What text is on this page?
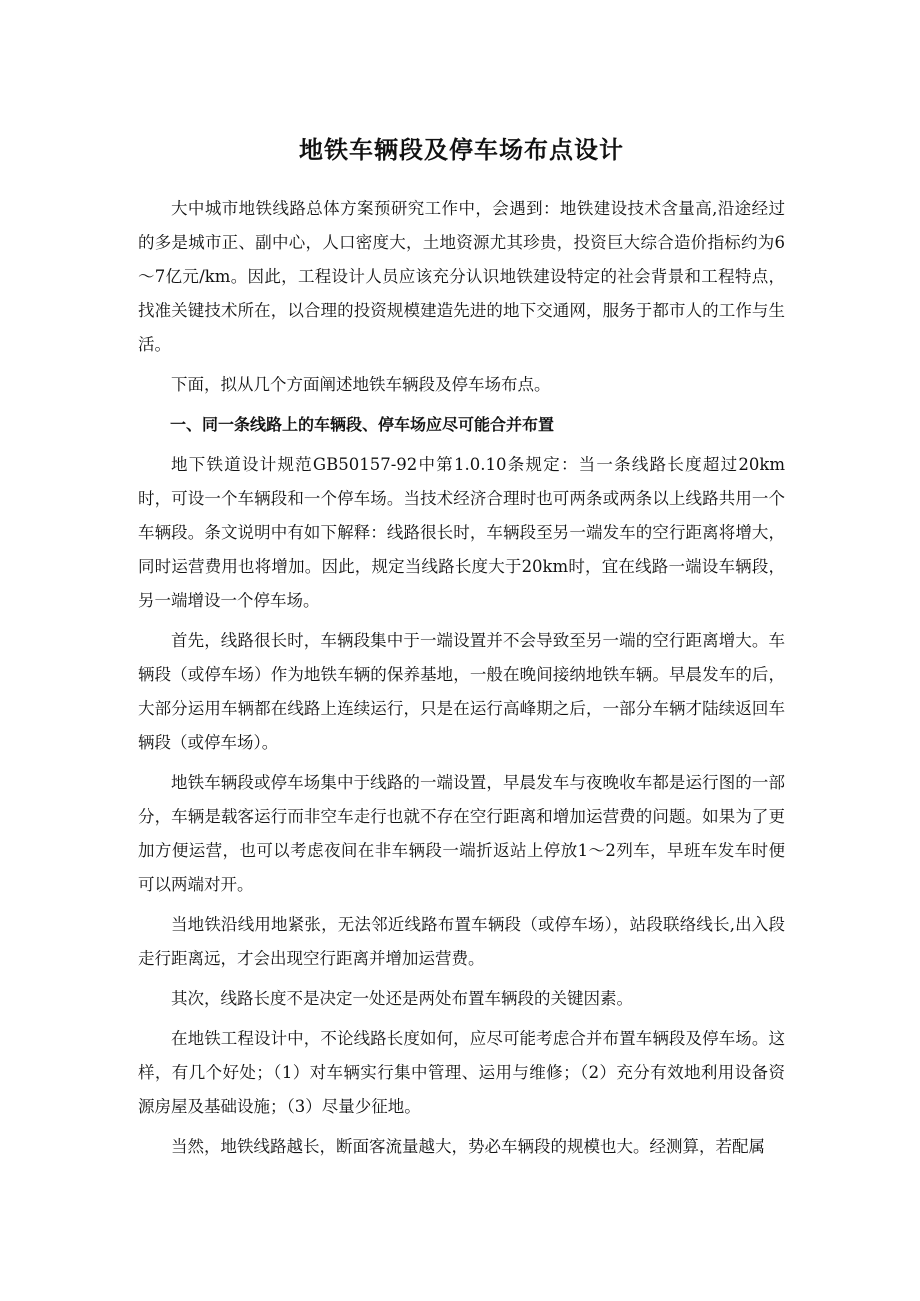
地铁车辆段及停车场布点设计

大中城市地铁线路总体方案预研究工作中，会遇到：地铁建设技术含量高,沿途经过的多是城市正、副中心，人口密度大，土地资源尤其珍贵，投资巨大综合造价指标约为6～7亿元/km。因此，工程设计人员应该充分认识地铁建设特定的社会背景和工程特点，找准关键技术所在，以合理的投资规模建造先进的地下交通网，服务于都市人的工作与生活。

下面，拟从几个方面阐述地铁车辆段及停车场布点。

一、同一条线路上的车辆段、停车场应尽可能合并布置

地下铁道设计规范GB50157-92中第1.0.10条规定：当一条线路长度超过20km时，可设一个车辆段和一个停车场。当技术经济合理时也可两条或两条以上线路共用一个车辆段。条文说明中有如下解释：线路很长时，车辆段至另一端发车的空行距离将增大，同时运营费用也将增加。因此，规定当线路长度大于20km时，宜在线路一端设车辆段，另一端增设一个停车场。

首先，线路很长时，车辆段集中于一端设置并不会导致至另一端的空行距离增大。车辆段（或停车场）作为地铁车辆的保养基地，一般在晚间接纳地铁车辆。早晨发车的后，大部分运用车辆都在线路上连续运行，只是在运行高峰期之后，一部分车辆才陆续返回车辆段（或停车场）。

地铁车辆段或停车场集中于线路的一端设置，早晨发车与夜晚收车都是运行图的一部分，车辆是载客运行而非空车走行也就不存在空行距离和增加运营费的问题。如果为了更加方便运营，也可以考虑夜间在非车辆段一端折返站上停放1～2列车，早班车发车时便可以两端对开。

当地铁沿线用地紧张，无法邻近线路布置车辆段（或停车场），站段联络线长,出入段走行距离远，才会出现空行距离并增加运营费。

其次，线路长度不是决定一处还是两处布置车辆段的关键因素。

在地铁工程设计中，不论线路长度如何，应尽可能考虑合并布置车辆段及停车场。这样，有几个好处；（1）对车辆实行集中管理、运用与维修；（2）充分有效地利用设备资源房屋及基础设施；（3）尽量少征地。

当然，地铁线路越长，断面客流量越大，势必车辆段的规模也大。经测算，若配属
